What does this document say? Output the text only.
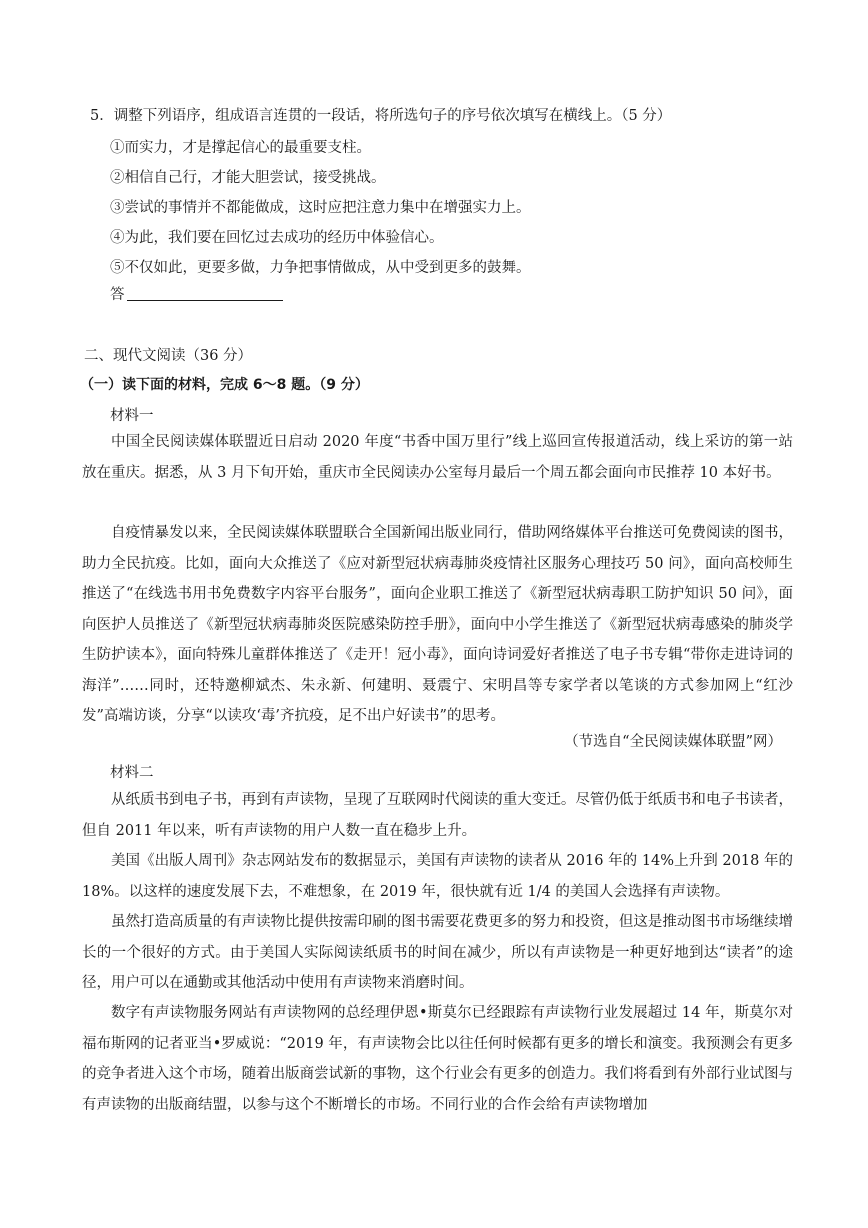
5．调整下列语序，组成语言连贯的一段话，将所选句子的序号依次填写在横线上。（5 分）
①而实力，才是撑起信心的最重要支柱。
②相信自己行，才能大胆尝试，接受挑战。
③尝试的事情并不都能做成，这时应把注意力集中在增强实力上。
④为此，我们要在回忆过去成功的经历中体验信心。
⑤不仅如此，更要多做，力争把事情做成，从中受到更多的鼓舞。
答
二、现代文阅读（36 分）
（一）读下面的材料，完成 6～8 题。（9 分）
材料一

中国全民阅读媒体联盟近日启动 2020 年度“书香中国万里行”线上巡回宣传报道活动，线上采访的第一站放在重庆。据悉，从 3 月下旬开始，重庆市全民阅读办公室每月最后一个周五都会面向市民推荐 10 本好书。

自疫情暴发以来，全民阅读媒体联盟联合全国新闻出版业同行，借助网络媒体平台推送可免费阅读的图书，助力全民抗疫。比如，面向大众推送了《应对新型冠状病毒肺炎疫情社区服务心理技巧 50 问》，面向高校师生推送了“在线选书用书免费数字内容平台服务”，面向企业职工推送了《新型冠状病毒职工防护知识 50 问》，面向医护人员推送了《新型冠状病毒肺炎医院感染防控手册》，面向中小学生推送了《新型冠状病毒感染的肺炎学生防护读本》，面向特殊儿童群体推送了《走开！冠小毒》，面向诗词爱好者推送了电子书专辑“带你走进诗词的海洋”……同时，还特邀柳斌杰、朱永新、何建明、聂震宁、宋明昌等专家学者以笔谈的方式参加网上“红沙发”高端访谈，分享“以读攻‘毒’齐抗疫，足不出户好读书”的思考。

（节选自“全民阅读媒体联盟”网）
材料二

从纸质书到电子书，再到有声读物，呈现了互联网时代阅读的重大变迁。尽管仍低于纸质书和电子书读者，但自 2011 年以来，听有声读物的用户人数一直在稳步上升。

美国《出版人周刊》杂志网站发布的数据显示，美国有声读物的读者从 2016 年的 14%上升到 2018 年的 18%。以这样的速度发展下去，不难想象，在 2019 年，很快就有近 1/4 的美国人会选择有声读物。

虽然打造高质量的有声读物比提供按需印刷的图书需要花费更多的努力和投资，但这是推动图书市场继续增长的一个很好的方式。由于美国人实际阅读纸质书的时间在减少，所以有声读物是一种更好地到达“读者”的途径，用户可以在通勤或其他活动中使用有声读物来消磨时间。

数字有声读物服务网站有声读物网的总经理伊恩•斯莫尔已经跟踪有声读物行业发展超过 14 年，斯莫尔对福布斯网的记者亚当•罗威说：“2019 年，有声读物会比以往任何时候都有更多的增长和演变。我预测会有更多的竞争者进入这个市场，随着出版商尝试新的事物，这个行业会有更多的创造力。我们将看到有外部行业试图与有声读物的出版商结盟，以参与这个不断增长的市场。不同行业的合作会给有声读物增加
